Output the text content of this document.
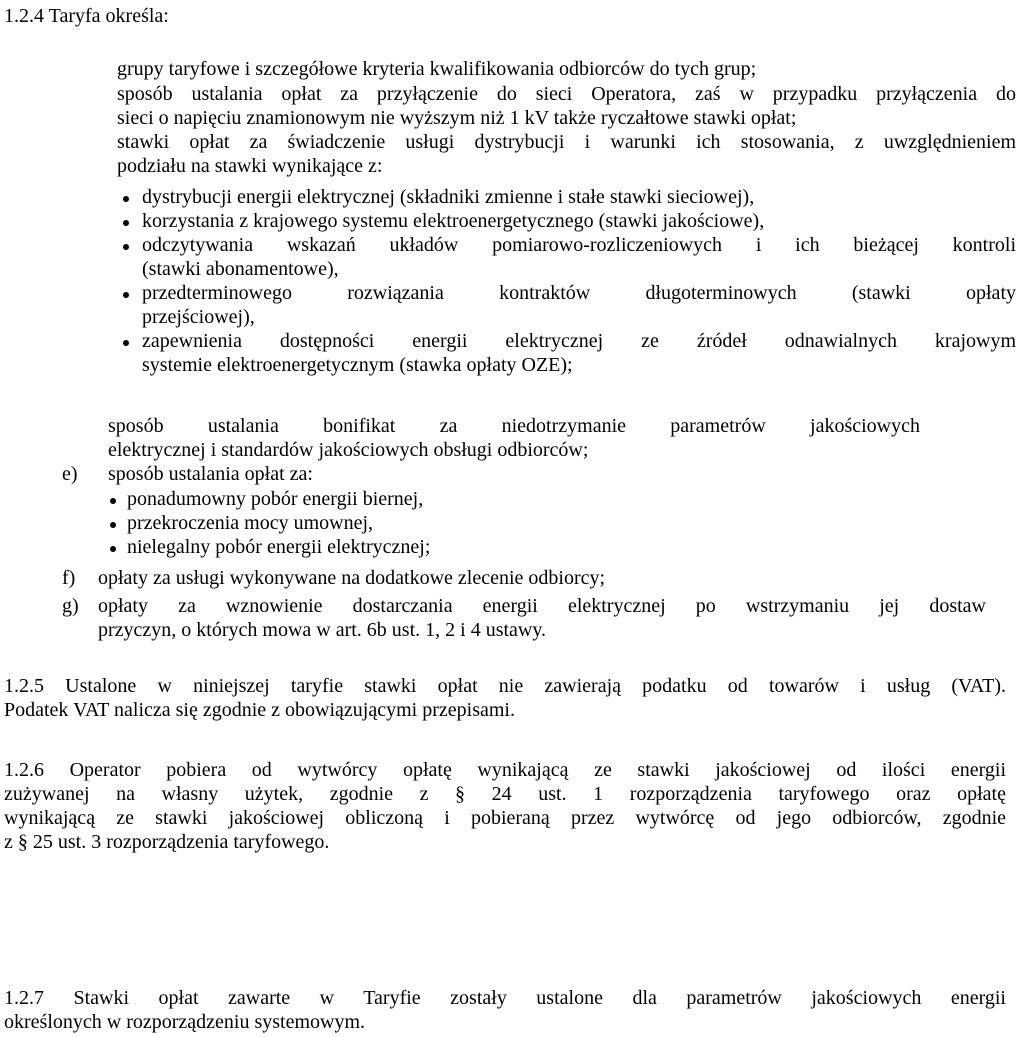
1.2.4 Taryfa określa:
grupy taryfowe i szczegółowe kryteria kwalifikowania odbiorców do tych grup;
sposób ustalania opłat za przyłączenie do sieci Operatora, zaś w przypadku przyłączenia do
sieci o napięciu znamionowym nie wyższym niż 1 kV także ryczałtowe stawki opłat;
stawki opłat za świadczenie usługi dystrybucji i warunki ich stosowania, z uwzględnieniem
podziału na stawki wynikające z:
dystrybucji energii elektrycznej (składniki zmienne i stałe stawki sieciowej),
korzystania z krajowego systemu elektroenergetycznego (stawki jakościowe),
odczytywania wskazań układów pomiarowo-rozliczeniowych i ich bieżącej kontroli
(stawki abonamentowe),
przedterminowego rozwiązania kontraktów długoterminowych (stawki opłaty
przejściowej),
zapewnienia dostępności energii elektrycznej ze źródeł odnawialnych krajowym
systemie elektroenergetycznym (stawka opłaty OZE);
sposób ustalania bonifikat za niedotrzymanie parametrów jakościowych
elektrycznej i standardów jakościowych obsługi odbiorców;
e) sposób ustalania opłat za:
ponadumowny pobór energii biernej,
przekroczenia mocy umownej,
nielegalny pobór energii elektrycznej;
f) opłaty za usługi wykonywane na dodatkowe zlecenie odbiorcy;
g) opłaty za wznowienie dostarczania energii elektrycznej po wstrzymaniu jej dostaw
przyczyn, o których mowa w art. 6b ust. 1, 2 i 4 ustawy.
1.2.5 Ustalone w niniejszej taryfie stawki opłat nie zawierają podatku od towarów i usług (VAT).
Podatek VAT nalicza się zgodnie z obowiązującymi przepisami.
1.2.6 Operator pobiera od wytwórcy opłatę wynikającą ze stawki jakościowej od ilości energii
zużywanej na własny użytek, zgodnie z § 24 ust. 1 rozporządzenia taryfowego oraz opłatę
wynikającą ze stawki jakościowej obliczoną i pobieraną przez wytwórcę od jego odbiorców, zgodnie
z § 25 ust. 3 rozporządzenia taryfowego.
1.2.7 Stawki opłat zawarte w Taryfie zostały ustalone dla parametrów jakościowych energii
określonych w rozporządzeniu systemowym.
